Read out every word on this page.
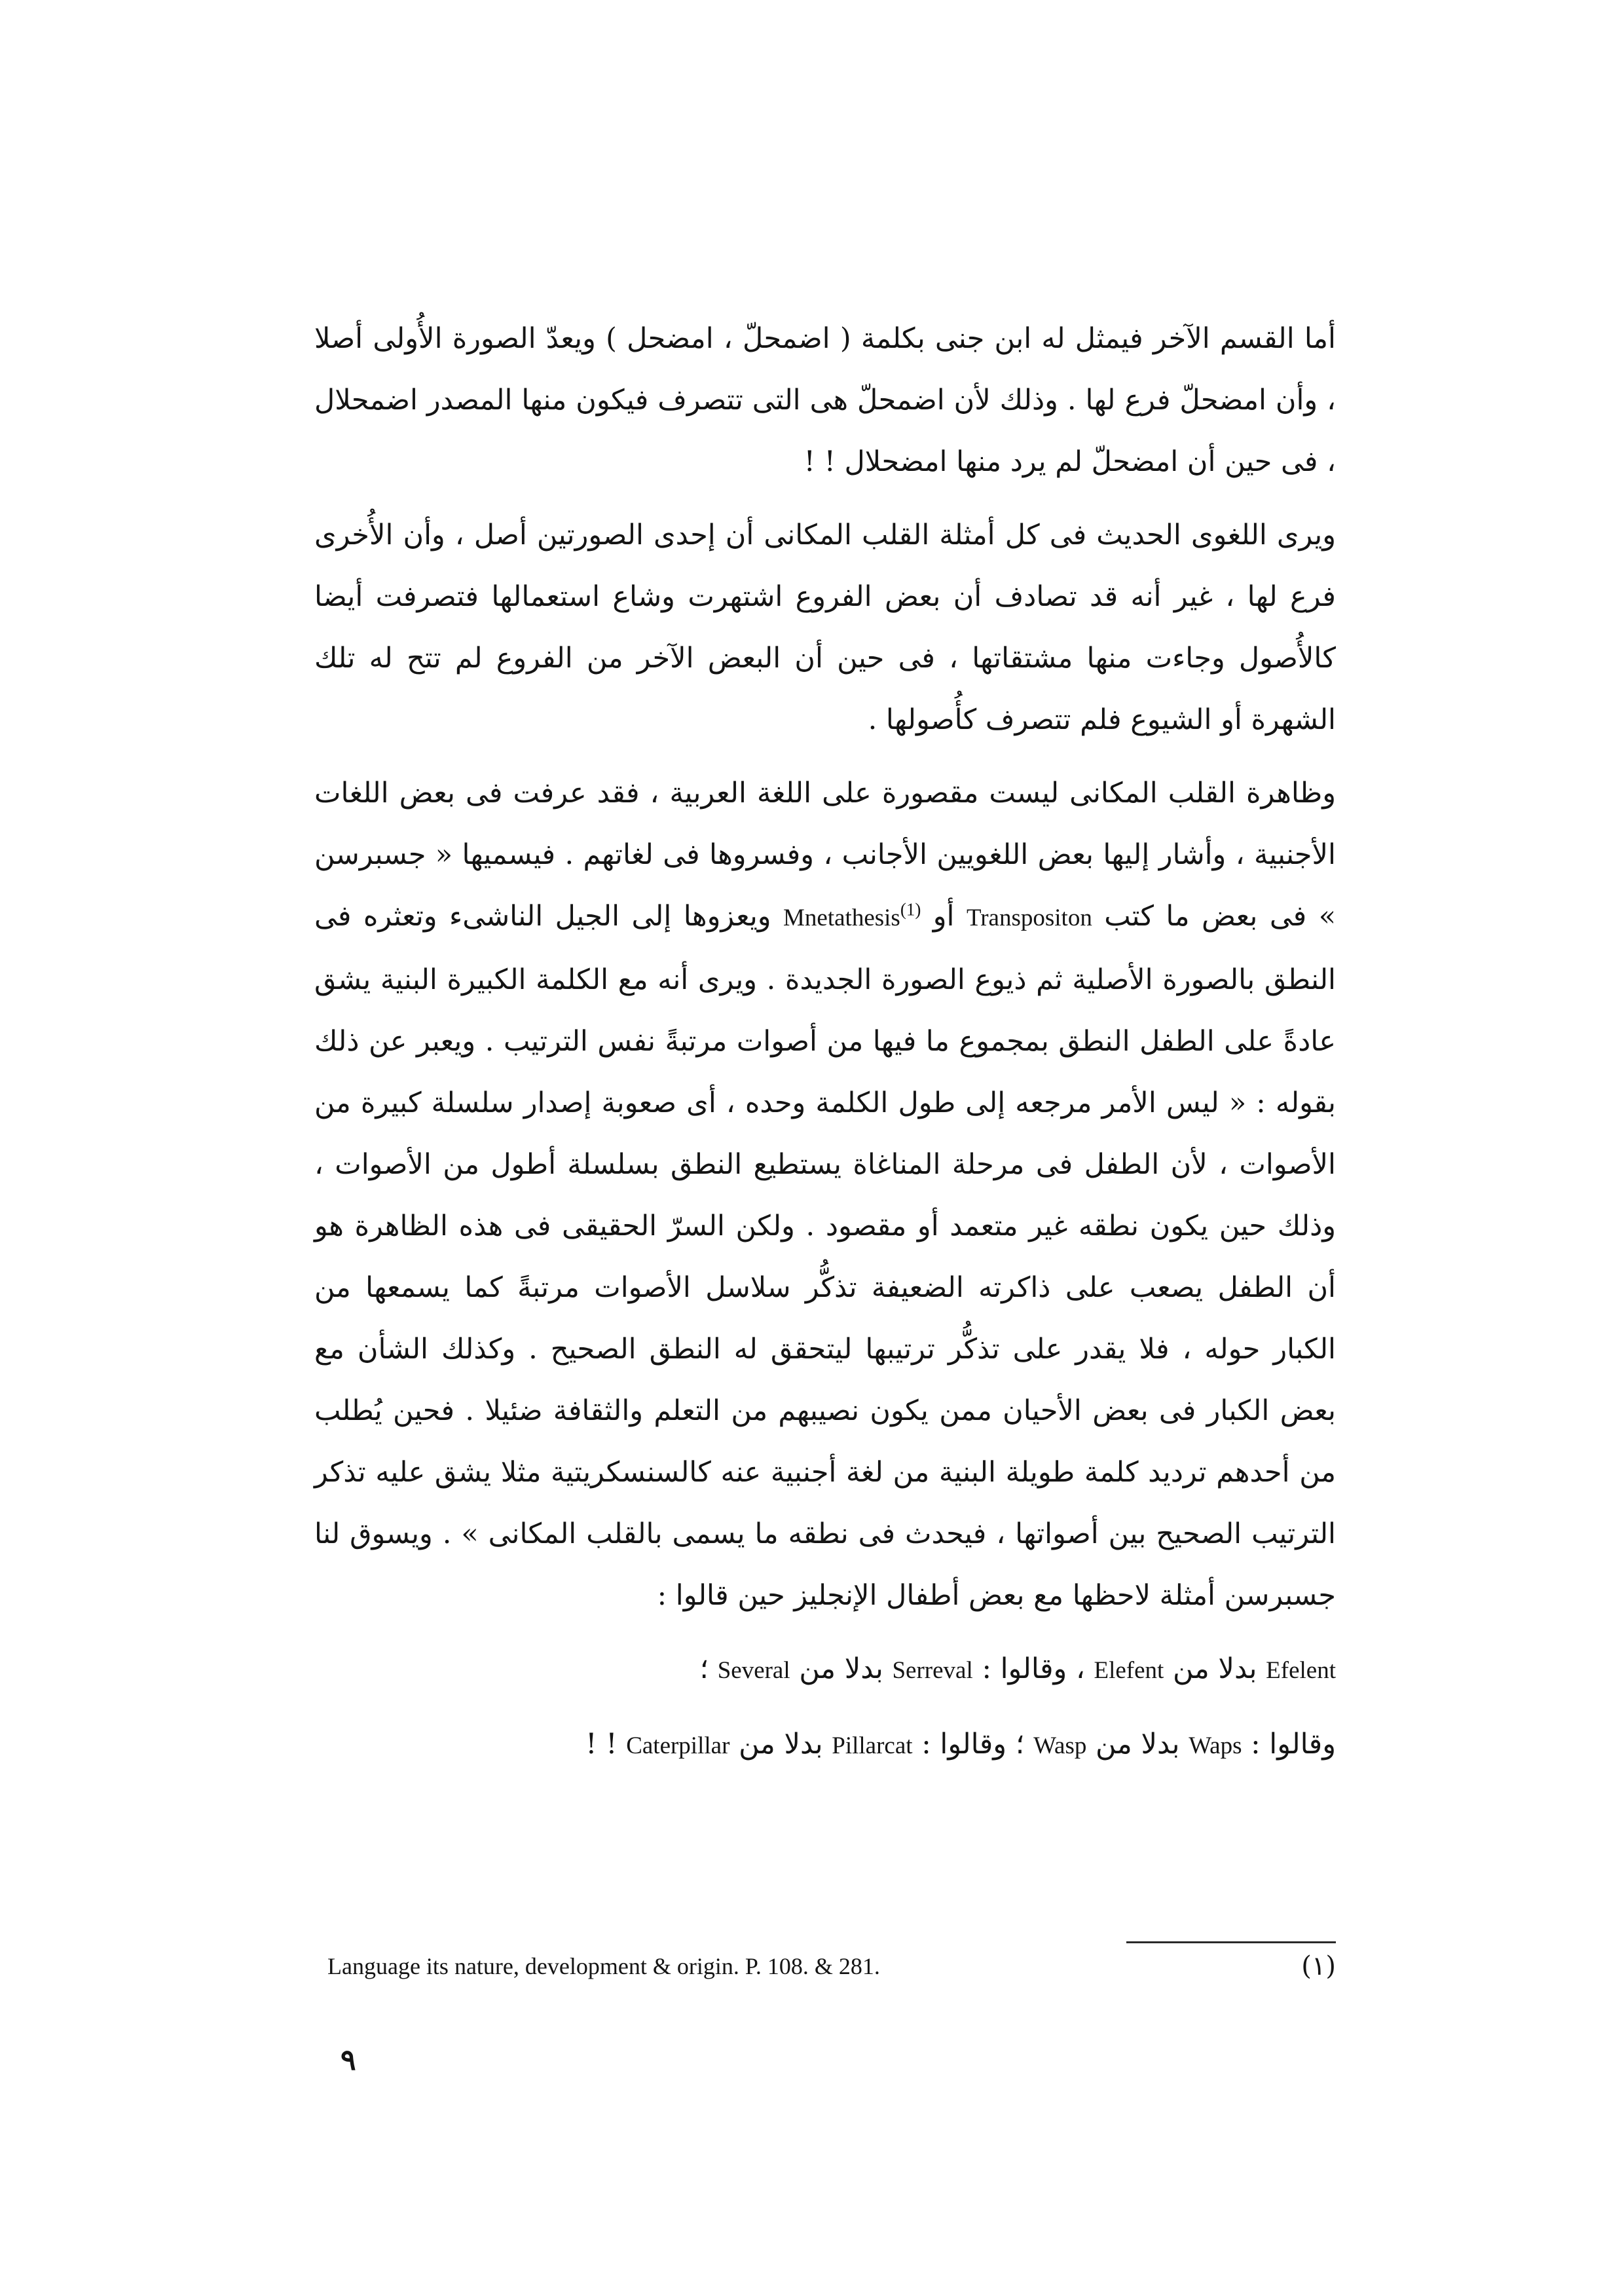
أما القسم الآخر فيمثل له ابن جنى بكلمة ( اضمحلّ ، امضحل ) ويعدّ الصورة الأُولى أصلا ، وأن امضحلّ فرع لها . وذلك لأن اضمحلّ هى التى تتصرف فيكون منها المصدر اضمحلال ، فى حين أن امضحلّ لم يرد منها امضحلال ! !

ويرى اللغوى الحديث فى كل أمثلة القلب المكانى أن إحدى الصورتين أصل ، وأن الأُخرى فرع لها ، غير أنه قد تصادف أن بعض الفروع اشتهرت وشاع استعمالها فتصرفت أيضا كالأُصول وجاءت منها مشتقاتها ، فى حين أن البعض الآخر من الفروع لم تتح له تلك الشهرة أو الشيوع فلم تتصرف كأُصولها .

وظاهرة القلب المكانى ليست مقصورة على اللغة العربية ، فقد عرفت فى بعض اللغات الأجنبية ، وأشار إليها بعض اللغويين الأجانب ، وفسروها فى لغاتهم . فيسميها « جسبرسن » فى بعض ما كتب Transpositon أو Mnetathesis$^{(1)}$ ويعزوها إلى الجيل الناشىء وتعثره فى النطق بالصورة الأصلية ثم ذيوع الصورة الجديدة . ويرى أنه مع الكلمة الكبيرة البنية يشق عادةً على الطفل النطق بمجموع ما فيها من أصوات مرتبةً نفس الترتيب . ويعبر عن ذلك بقوله : « ليس الأمر مرجعه إلى طول الكلمة وحده ، أى صعوبة إصدار سلسلة كبيرة من الأصوات ، لأن الطفل فى مرحلة المناغاة يستطيع النطق بسلسلة أطول من الأصوات ، وذلك حين يكون نطقه غير متعمد أو مقصود . ولكن السرّ الحقيقى فى هذه الظاهرة هو أن الطفل يصعب على ذاكرته الضعيفة تذكُّر سلاسل الأصوات مرتبةً كما يسمعها من الكبار حوله ، فلا يقدر على تذكُّر ترتيبها ليتحقق له النطق الصحيح . وكذلك الشأن مع بعض الكبار فى بعض الأحيان ممن يكون نصيبهم من التعلم والثقافة ضئيلا . فحين يُطلب من أحدهم ترديد كلمة طويلة البنية من لغة أجنبية عنه كالسنسكريتية مثلا يشق عليه تذكر الترتيب الصحيح بين أصواتها ، فيحدث فى نطقه ما يسمى بالقلب المكانى » . ويسوق لنا جسبرسن أمثلة لاحظها مع بعض أطفال الإنجليز حين قالوا :

Efelent بدلا من Elefent ، وقالوا : Serreval بدلا من Several ؛

وقالوا : Waps بدلا من Wasp ؛ وقالوا : Pillarcat بدلا من Caterpillar ! !

Language its nature, development & origin. P. 108. & 281.	(١)
٩
